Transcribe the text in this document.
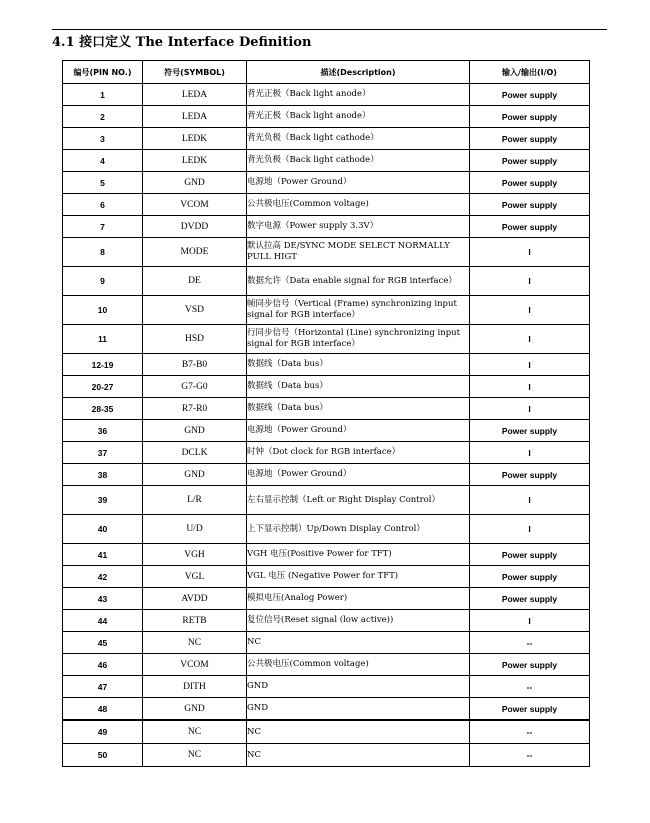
4.1 接口定义 The Interface Definition
编号(PIN NO.)	符号(SYMBOL)	描述(Description)	输入/输出(I/O)
1	LEDA	背光正极（Back light anode）	Power supply
2	LEDA	背光正极（Back light anode）	Power supply
3	LEDK	背光负极（Back light cathode）	Power supply
4	LEDK	背光负极（Back light cathode）	Power supply
5	GND	电源地（Power Ground）	Power supply
6	VCOM	公共极电压(Common voltage)	Power supply
7	DVDD	数字电源（Power supply 3.3V）	Power supply
8	MODE	默认拉高 DE/SYNC MODE SELECT NORMALLY PULL HIGT	I
9	DE	数据允许（Data enable signal for RGB interface）	I
10	VSD	帧同步信号（Vertical (Frame) synchronizing input signal for RGB interface）	I
11	HSD	行同步信号（Horizontal (Line) synchronizing input signal for RGB interface）	I
12-19	B7-B0	数据线（Data bus）	I
20-27	G7-G0	数据线（Data bus）	I
28-35	R7-R0	数据线（Data bus）	I
36	GND	电源地（Power Ground）	Power supply
37	DCLK	时钟（Dot clock for RGB interface）	I
38	GND	电源地（Power Ground）	Power supply
39	L/R	左右显示控制（Left or Right Display Control）	I
40	U/D	上下显示控制）Up/Down Display Control）	I
41	VGH	VGH 电压(Positive Power for TFT)	Power supply
42	VGL	VGL 电压 (Negative Power for TFT)	Power supply
43	AVDD	模拟电压(Analog Power)	Power supply
44	RETB	复位信号(Reset signal (low active))	I
45	NC	NC	--
46	VCOM	公共极电压(Common voltage)	Power supply
47	DITH	GND	--
48	GND	GND	Power supply
49	NC	NC	--
50	NC	NC	--
